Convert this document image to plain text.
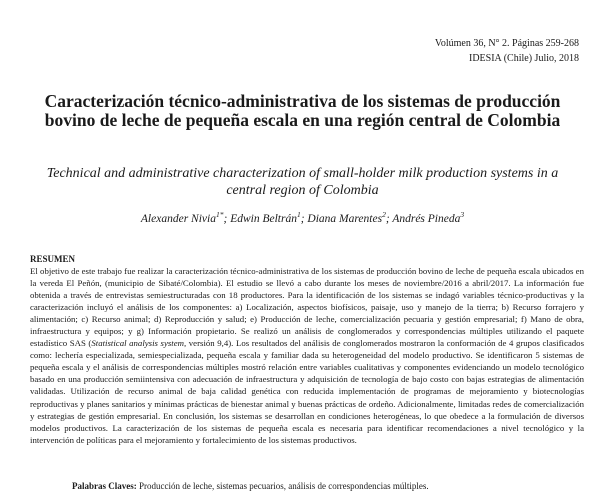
Volúmen 36, N° 2. Páginas 259-268
IDESIA (Chile) Julio, 2018
Caracterización técnico-administrativa de los sistemas de producción bovino de leche de pequeña escala en una región central de Colombia
Technical and administrative characterization of small-holder milk production systems in a central region of Colombia
Alexander Nivia$^{1*}$; Edwin Beltrán$^1$; Diana Marentes$^2$; Andrés Pineda$^3$
RESUMEN

El objetivo de este trabajo fue realizar la caracterización técnico-administrativa de los sistemas de producción bovino de leche de pequeña escala ubicados en la vereda El Peñón, (municipio de Sibaté/Colombia). El estudio se llevó a cabo durante los meses de noviembre/2016 a abril/2017. La información fue obtenida a través de entrevistas semiestructuradas con 18 productores. Para la identificación de los sistemas se indagó variables técnico-productivas y la caracterización incluyó el análisis de los componentes: a) Localización, aspectos biofísicos, paisaje, uso y manejo de la tierra; b) Recurso forrajero y alimentación; c) Recurso animal; d) Reproducción y salud; e) Producción de leche, comercialización pecuaria y gestión empresarial; f) Mano de obra, infraestructura y equipos; y g) Información propietario. Se realizó un análisis de conglomerados y correspondencias múltiples utilizando el paquete estadístico SAS (Statistical analysis system, versión 9,4). Los resultados del análisis de conglomerados mostraron la conformación de 4 grupos clasificados como: lechería especializada, semiespecializada, pequeña escala y familiar dada su heterogeneidad del modelo productivo. Se identificaron 5 sistemas de pequeña escala y el análisis de correspondencias múltiples mostró relación entre variables cualitativas y componentes evidenciando un modelo tecnológico basado en una producción semiintensiva con adecuación de infraestructura y adquisición de tecnología de bajo costo con bajas estrategias de alimentación validadas. Utilización de recurso animal de baja calidad genética con reducida implementación de programas de mejoramiento y biotecnologías reproductivas y planes sanitarios y mínimas prácticas de bienestar animal y buenas prácticas de ordeño. Adicionalmente, limitadas redes de comercialización y estrategias de gestión empresarial. En conclusión, los sistemas se desarrollan en condiciones heterogéneas, lo que obedece a la formulación de diversos modelos productivos. La caracterización de los sistemas de pequeña escala es necesaria para identificar recomendaciones a nivel tecnológico y la intervención de políticas para el mejoramiento y fortalecimiento de los sistemas productivos.

Palabras Claves: Producción de leche, sistemas pecuarios, análisis de correspondencias múltiples.
